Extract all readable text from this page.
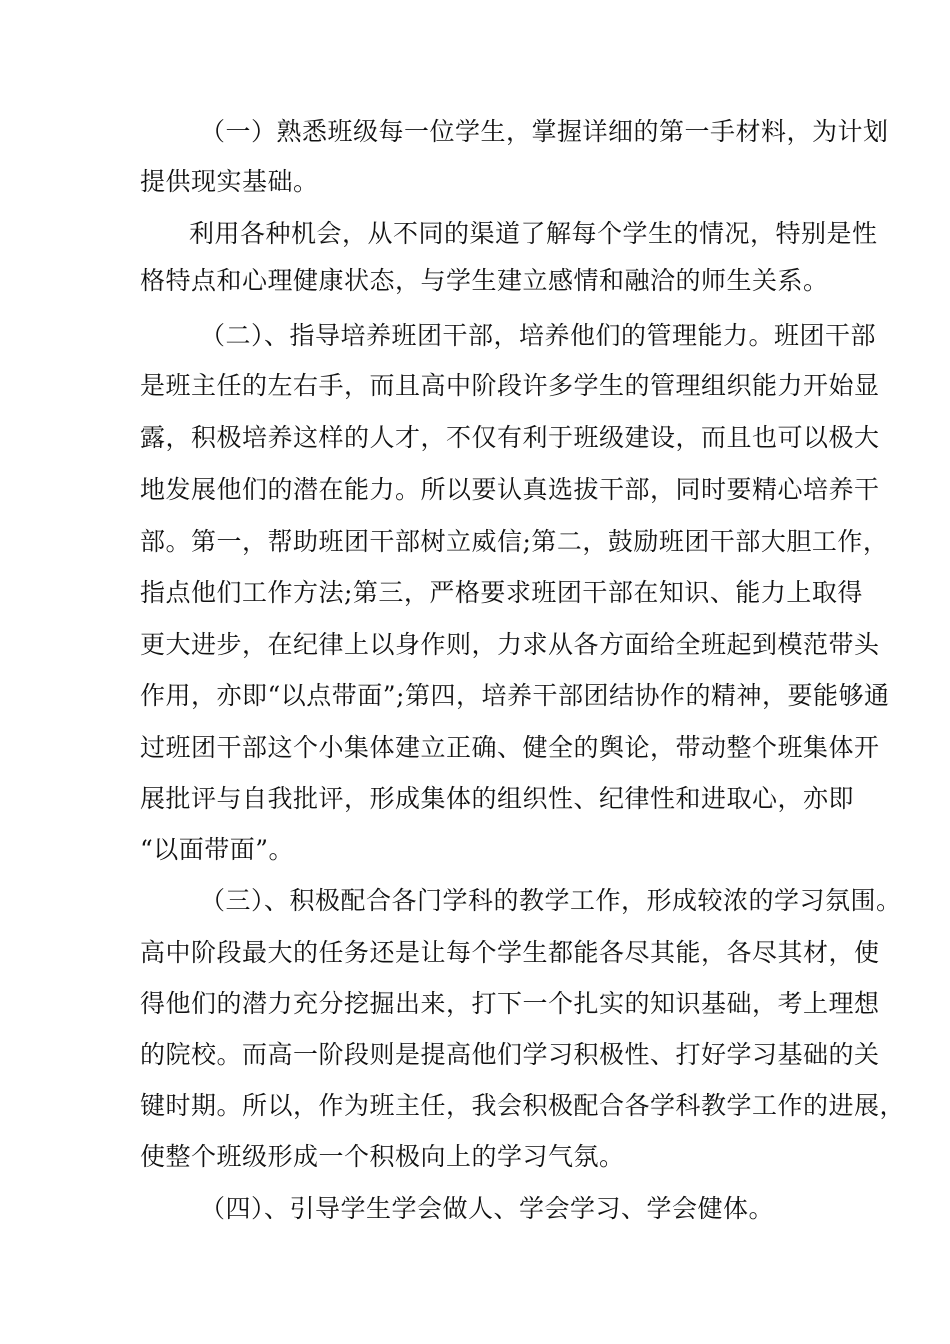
（一）熟悉班级每一位学生，掌握详细的第一手材料，为计划
提供现实基础。
利用各种机会，从不同的渠道了解每个学生的情况，特别是性
格特点和心理健康状态，与学生建立感情和融洽的师生关系。
（二）、指导培养班团干部，培养他们的管理能力。班团干部
是班主任的左右手，而且高中阶段许多学生的管理组织能力开始显
露，积极培养这样的人才，不仅有利于班级建设，而且也可以极大
地发展他们的潜在能力。所以要认真选拔干部，同时要精心培养干
部。第一，帮助班团干部树立威信;第二，鼓励班团干部大胆工作，
指点他们工作方法;第三，严格要求班团干部在知识、能力上取得
更大进步，在纪律上以身作则，力求从各方面给全班起到模范带头
作用，亦即“以点带面”;第四，培养干部团结协作的精神，要能够通
过班团干部这个小集体建立正确、健全的舆论，带动整个班集体开
展批评与自我批评，形成集体的组织性、纪律性和进取心，亦即
“以面带面”。
（三）、积极配合各门学科的教学工作，形成较浓的学习氛围。
高中阶段最大的任务还是让每个学生都能各尽其能，各尽其材，使
得他们的潜力充分挖掘出来，打下一个扎实的知识基础，考上理想
的院校。而高一阶段则是提高他们学习积极性、打好学习基础的关
键时期。所以，作为班主任，我会积极配合各学科教学工作的进展，
使整个班级形成一个积极向上的学习气氛。
（四）、引导学生学会做人、学会学习、学会健体。
